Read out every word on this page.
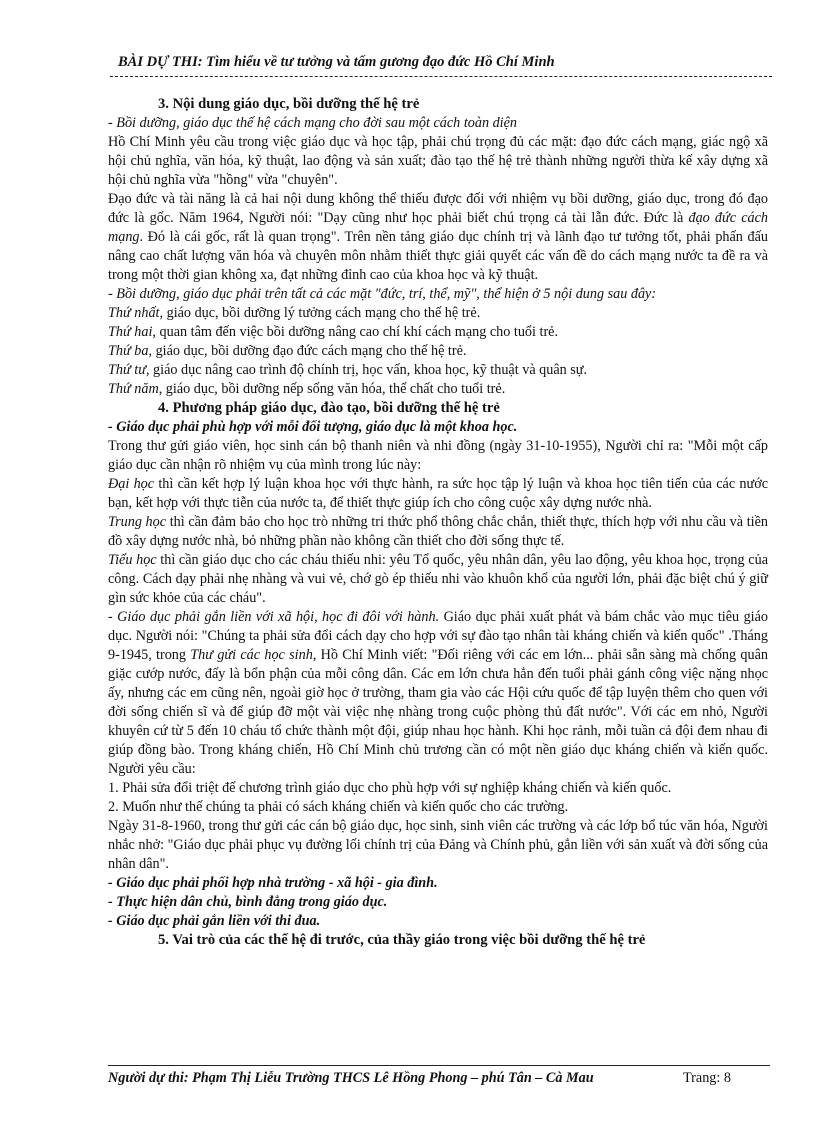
BÀI DỰ THI: Tìm hiểu về tư tưởng và tấm gương đạo đức Hồ Chí Minh

3. Nội dung giáo dục, bồi dưỡng thế hệ trẻ

- Bồi dưỡng, giáo dục thế hệ cách mạng cho đời sau một cách toàn diện

Hồ Chí Minh yêu cầu trong việc giáo dục và học tập, phải chú trọng đủ các mặt: đạo đức cách mạng, giác ngộ xã hội chủ nghĩa, văn hóa, kỹ thuật, lao động và sản xuất; đào tạo thế hệ trẻ thành những người thừa kế xây dựng xã hội chủ nghĩa vừa "hồng" vừa "chuyên".

Đạo đức và tài năng là cả hai nội dung không thể thiếu được đối với nhiệm vụ bồi dưỡng, giáo dục, trong đó đạo đức là gốc. Năm 1964, Người nói: "Dạy cũng như học phải biết chú trọng cả tài lẫn đức. Đức là đạo đức cách mạng. Đó là cái gốc, rất là quan trọng". Trên nền tảng giáo dục chính trị và lãnh đạo tư tưởng tốt, phải phấn đấu nâng cao chất lượng văn hóa và chuyên môn nhằm thiết thực giải quyết các vấn đề do cách mạng nước ta đề ra và trong một thời gian không xa, đạt những đỉnh cao của khoa học và kỹ thuật.

- Bồi dưỡng, giáo dục phải trên tất cả các mặt "đức, trí, thể, mỹ", thể hiện ở 5 nội dung sau đây:

Thứ nhất, giáo dục, bồi dưỡng lý tưởng cách mạng cho thế hệ trẻ.

Thứ hai, quan tâm đến việc bồi dưỡng nâng cao chí khí cách mạng cho tuổi trẻ.

Thứ ba, giáo dục, bồi dưỡng đạo đức cách mạng cho thế hệ trẻ.

Thứ tư, giáo dục nâng cao trình độ chính trị, học vấn, khoa học, kỹ thuật và quân sự.

Thứ năm, giáo dục, bồi dưỡng nếp sống văn hóa, thể chất cho tuổi trẻ.

4. Phương pháp giáo dục, đào tạo, bồi dưỡng thế hệ trẻ

- Giáo dục phải phù hợp với mỗi đối tượng, giáo dục là một khoa học.

Trong thư gửi giáo viên, học sinh cán bộ thanh niên và nhi đồng (ngày 31-10-1955), Người chỉ ra: "Mỗi một cấp giáo dục cần nhận rõ nhiệm vụ của mình trong lúc này:

Đại học thì cần kết hợp lý luận khoa học với thực hành, ra sức học tập lý luận và khoa học tiên tiến của các nước bạn, kết hợp với thực tiễn của nước ta, để thiết thực giúp ích cho công cuộc xây dựng nước nhà.

Trung học thì cần đảm bảo cho học trò những tri thức phổ thông chắc chắn, thiết thực, thích hợp với nhu cầu và tiền đồ xây dựng nước nhà, bỏ những phần nào không cần thiết cho đời sống thực tế.

Tiểu học thì cần giáo dục cho các cháu thiếu nhi: yêu Tổ quốc, yêu nhân dân, yêu lao động, yêu khoa học, trọng của công. Cách dạy phải nhẹ nhàng và vui vẻ, chớ gò ép thiếu nhi vào khuôn khổ của người lớn, phải đặc biệt chú ý giữ gìn sức khỏe của các cháu".

- Giáo dục phải gắn liền với xã hội, học đi đôi với hành. Giáo dục phải xuất phát và bám chắc vào mục tiêu giáo dục. Người nói: "Chúng ta phải sửa đổi cách dạy cho hợp với sự đào tạo nhân tài kháng chiến và kiến quốc" .Tháng 9-1945, trong Thư gửi các học sinh, Hồ Chí Minh viết: "Đối riêng với các em lớn... phải sẵn sàng mà chống quân giặc cướp nước, đấy là bổn phận của mỗi công dân. Các em lớn chưa hẳn đến tuổi phải gánh công việc nặng nhọc ấy, nhưng các em cũng nên, ngoài giờ học ở trường, tham gia vào các Hội cứu quốc để tập luyện thêm cho quen với đời sống chiến sĩ và để giúp đỡ một vài việc nhẹ nhàng trong cuộc phòng thủ đất nước". Với các em nhỏ, Người khuyên cứ từ 5 đến 10 cháu tổ chức thành một đội, giúp nhau học hành. Khi học rảnh, mỗi tuần cả đội đem nhau đi giúp đồng bào. Trong kháng chiến, Hồ Chí Minh chủ trương cần có một nền giáo dục kháng chiến và kiến quốc. Người yêu cầu:

1. Phải sửa đổi triệt để chương trình giáo dục cho phù hợp với sự nghiệp kháng chiến và kiến quốc.

2. Muốn như thế chúng ta phải có sách kháng chiến và kiến quốc cho các trường.

Ngày 31-8-1960, trong thư gửi các cán bộ giáo dục, học sinh, sinh viên các trường và các lớp bổ túc văn hóa, Người nhắc nhở: "Giáo dục phải phục vụ đường lối chính trị của Đảng và Chính phủ, gắn liền với sản xuất và đời sống của nhân dân".

- Giáo dục phải phối hợp nhà trường - xã hội - gia đình.

- Thực hiện dân chủ, bình đẳng trong giáo dục.

- Giáo dục phải gắn liền với thi đua.

5. Vai trò của các thế hệ đi trước, của thầy giáo trong việc bồi dưỡng thế hệ trẻ

Người dự thi: Phạm Thị Liễu Trường THCS Lê Hồng Phong – phú Tân – Cà Mau	Trang: 8
